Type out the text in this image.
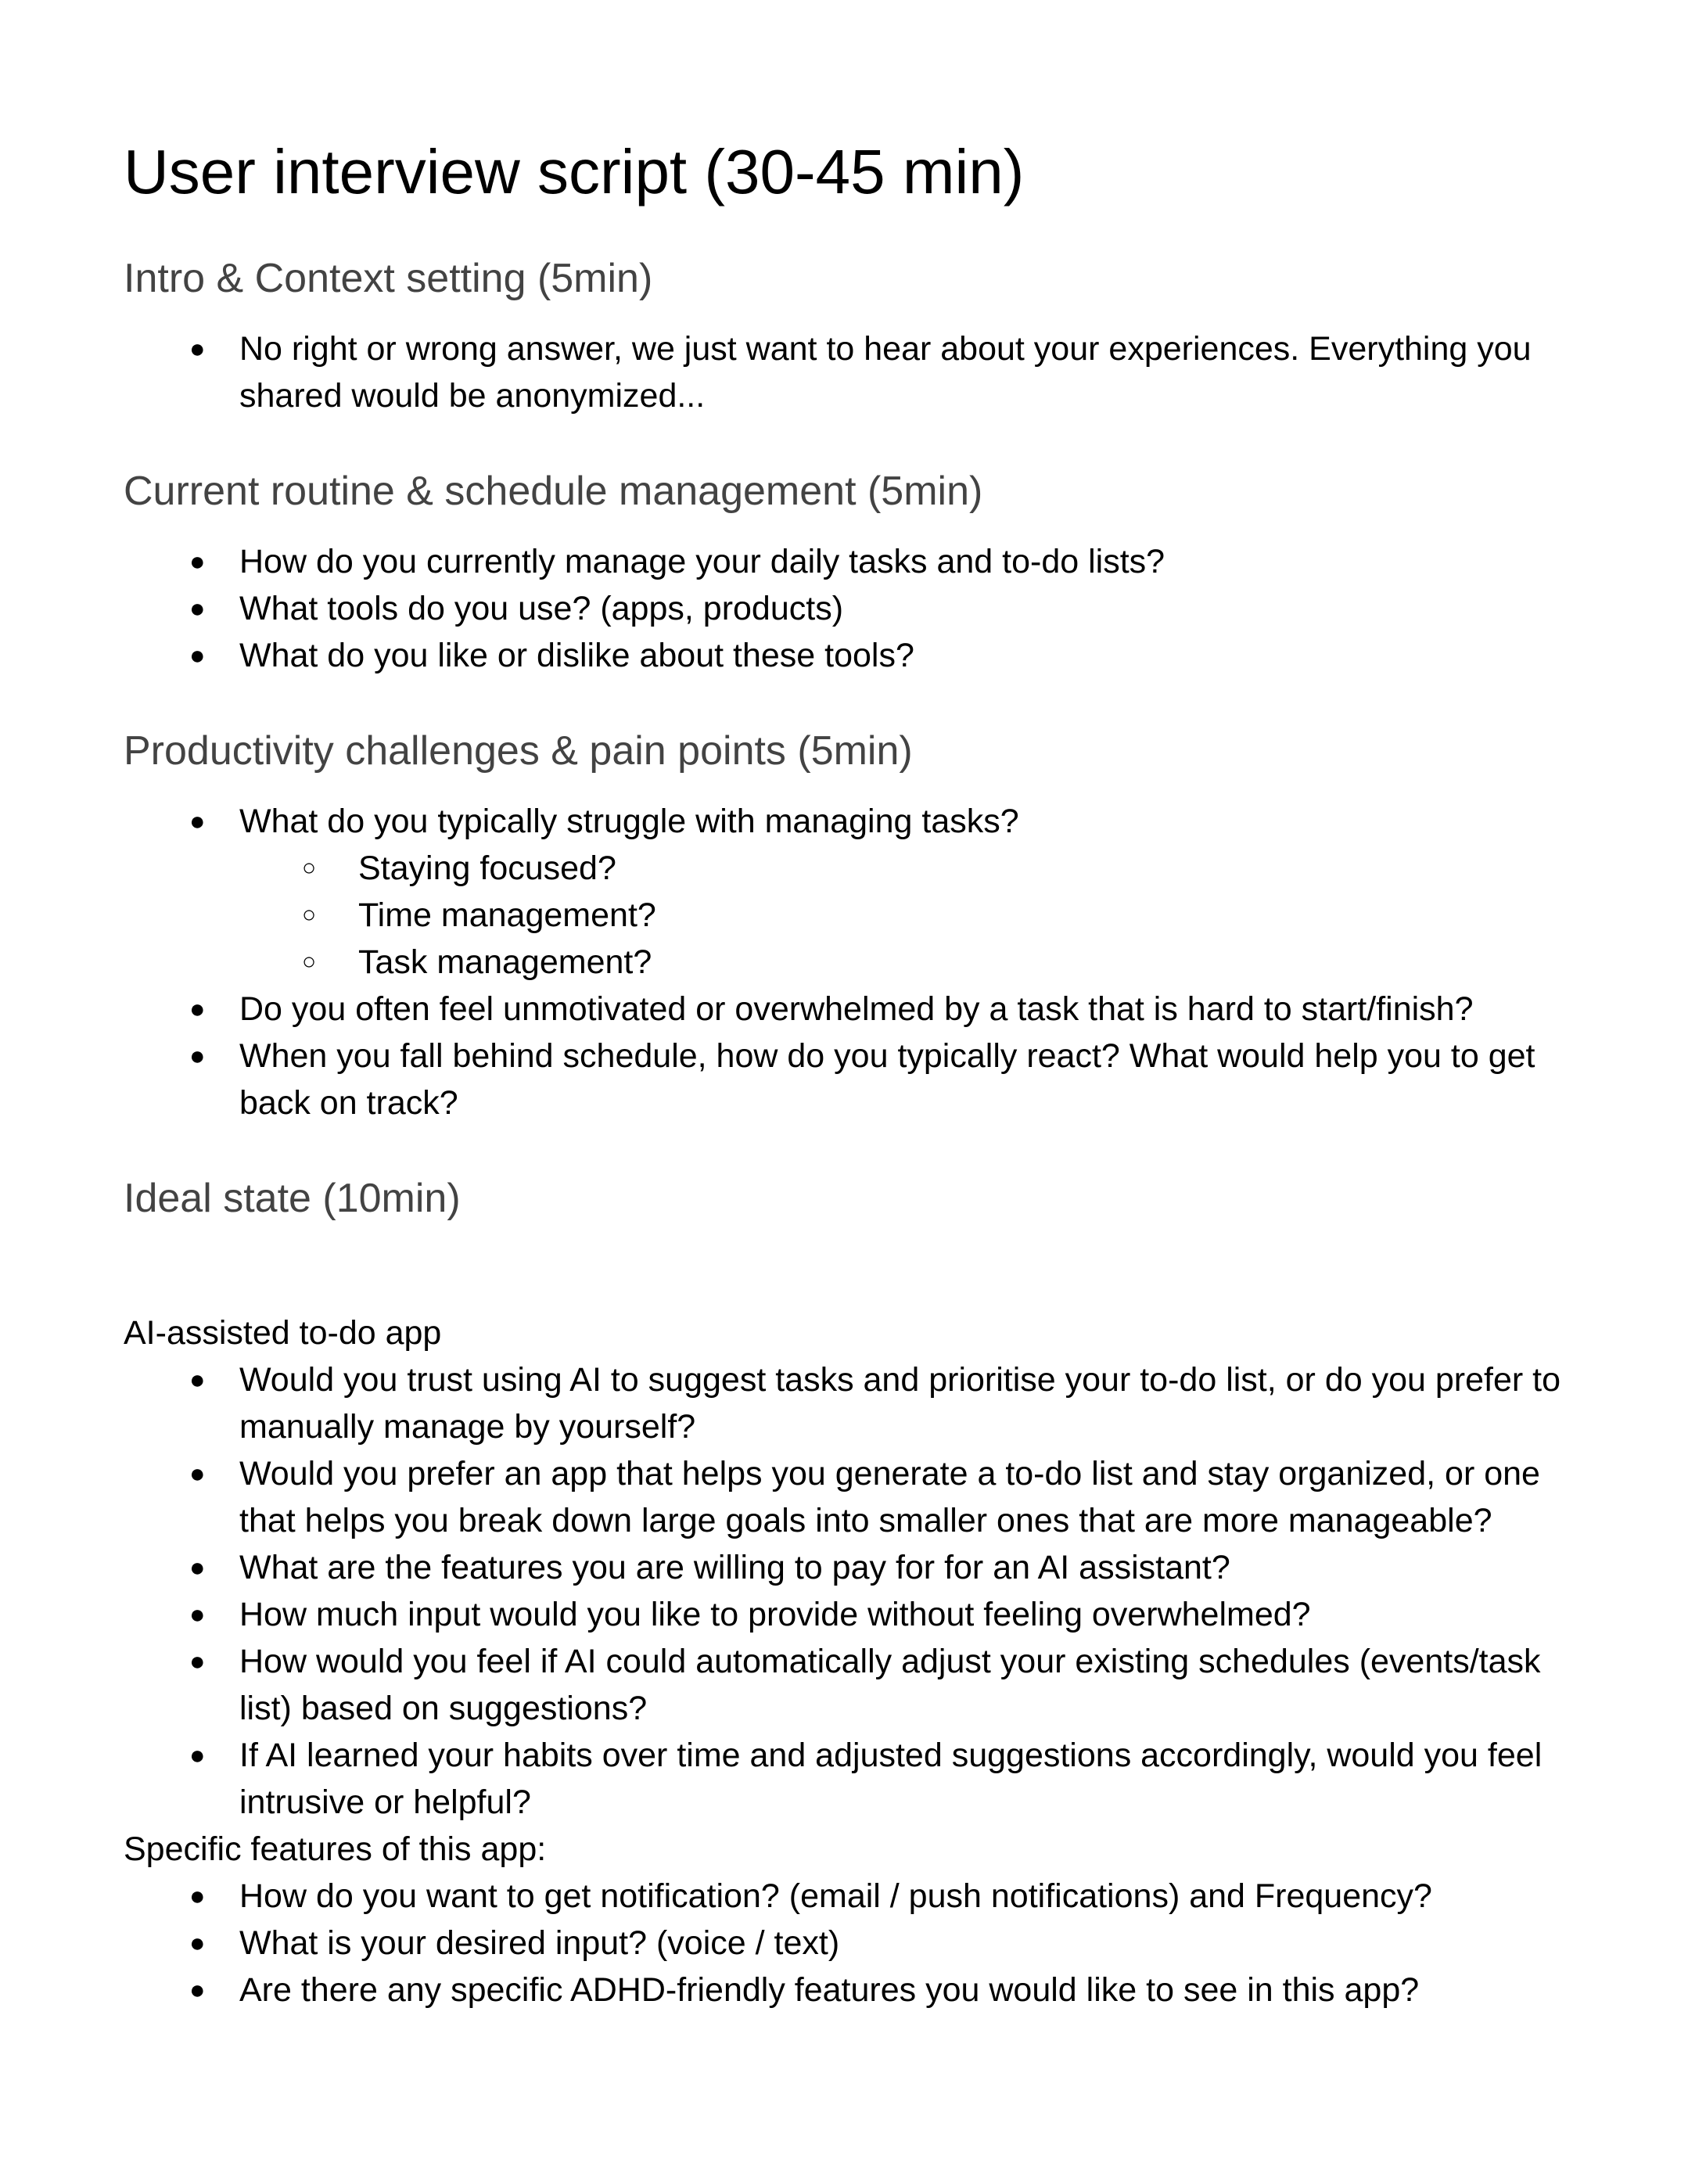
User interview script (30-45 min)
Intro & Context setting (5min)
● No right or wrong answer, we just want to hear about your experiences. Everything you shared would be anonymized...
Current routine & schedule management (5min)
● How do you currently manage your daily tasks and to-do lists?
● What tools do you use? (apps, products)
● What do you like or dislike about these tools?
Productivity challenges & pain points (5min)
● What do you typically struggle with managing tasks?
○ Staying focused?
○ Time management?
○ Task management?
● Do you often feel unmotivated or overwhelmed by a task that is hard to start/finish?
● When you fall behind schedule, how do you typically react? What would help you to get back on track?
Ideal state (10min)

AI-assisted to-do app

● Would you trust using AI to suggest tasks and prioritise your to-do list, or do you prefer to manually manage by yourself?
● Would you prefer an app that helps you generate a to-do list and stay organized, or one that helps you break down large goals into smaller ones that are more manageable?
● What are the features you are willing to pay for for an AI assistant?
● How much input would you like to provide without feeling overwhelmed?
● How would you feel if AI could automatically adjust your existing schedules (events/task list) based on suggestions?
● If AI learned your habits over time and adjusted suggestions accordingly, would you feel intrusive or helpful?

Specific features of this app:

● How do you want to get notification? (email / push notifications) and Frequency?
● What is your desired input? (voice / text)
● Are there any specific ADHD-friendly features you would like to see in this app?
